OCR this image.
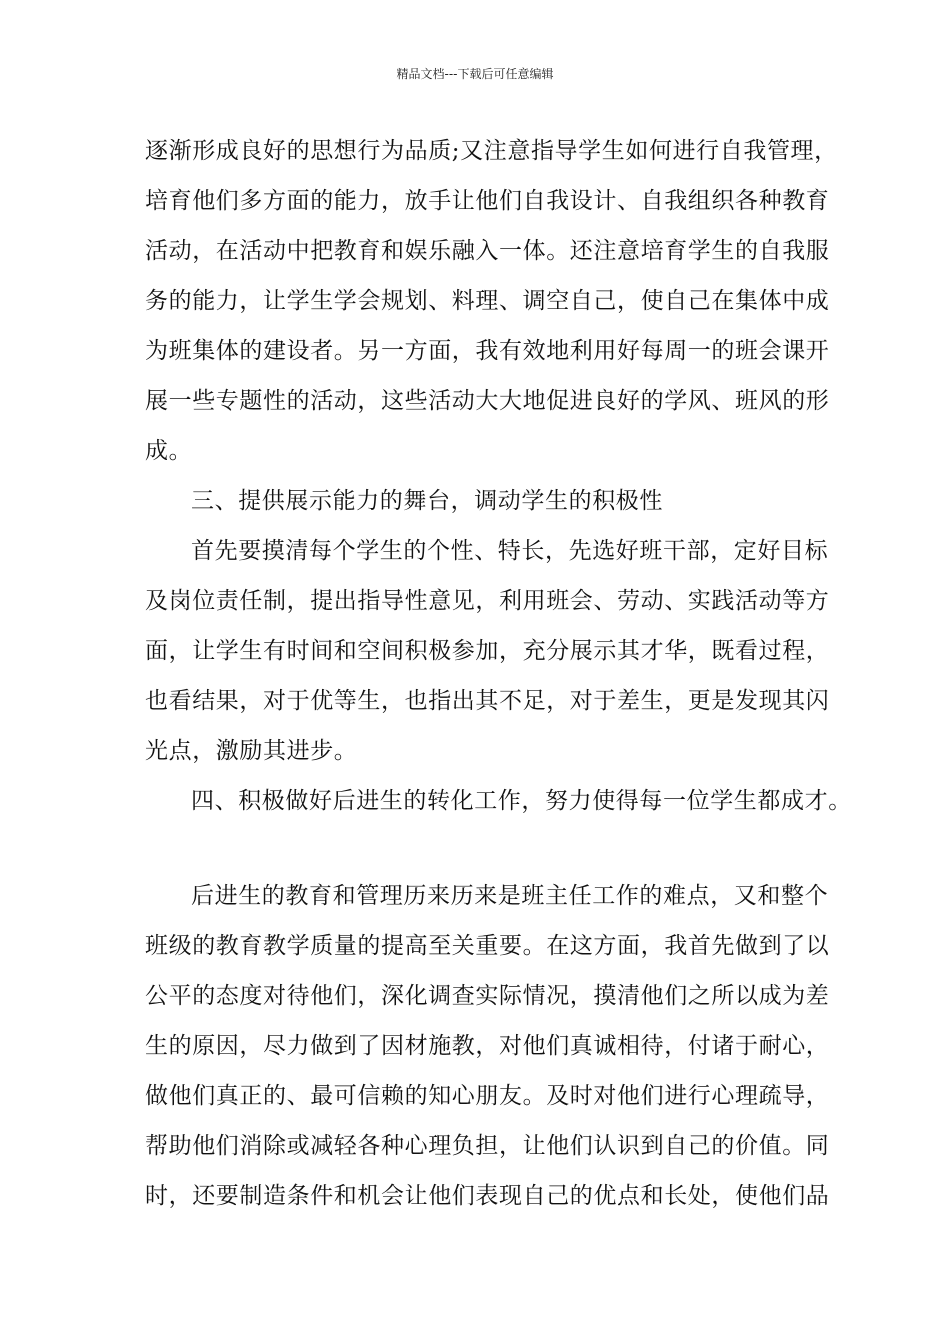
精品文档---下载后可任意编辑
逐渐形成良好的思想行为品质;又注意指导学生如何进行自我管理，
培育他们多方面的能力，放手让他们自我设计、自我组织各种教育
活动，在活动中把教育和娱乐融入一体。还注意培育学生的自我服
务的能力，让学生学会规划、料理、调空自己，使自己在集体中成
为班集体的建设者。另一方面，我有效地利用好每周一的班会课开
展一些专题性的活动，这些活动大大地促进良好的学风、班风的形
成。
三、提供展示能力的舞台，调动学生的积极性
首先要摸清每个学生的个性、特长，先选好班干部，定好目标
及岗位责任制，提出指导性意见，利用班会、劳动、实践活动等方
面，让学生有时间和空间积极参加，充分展示其才华，既看过程，
也看结果，对于优等生，也指出其不足，对于差生，更是发现其闪
光点，激励其进步。
四、积极做好后进生的转化工作，努力使得每一位学生都成才。
后进生的教育和管理历来历来是班主任工作的难点，又和整个
班级的教育教学质量的提高至关重要。在这方面，我首先做到了以
公平的态度对待他们，深化调查实际情况，摸清他们之所以成为差
生的原因，尽力做到了因材施教，对他们真诚相待，付诸于耐心，
做他们真正的、最可信赖的知心朋友。及时对他们进行心理疏导，
帮助他们消除或减轻各种心理负担，让他们认识到自己的价值。同
时，还要制造条件和机会让他们表现自己的优点和长处，使他们品
